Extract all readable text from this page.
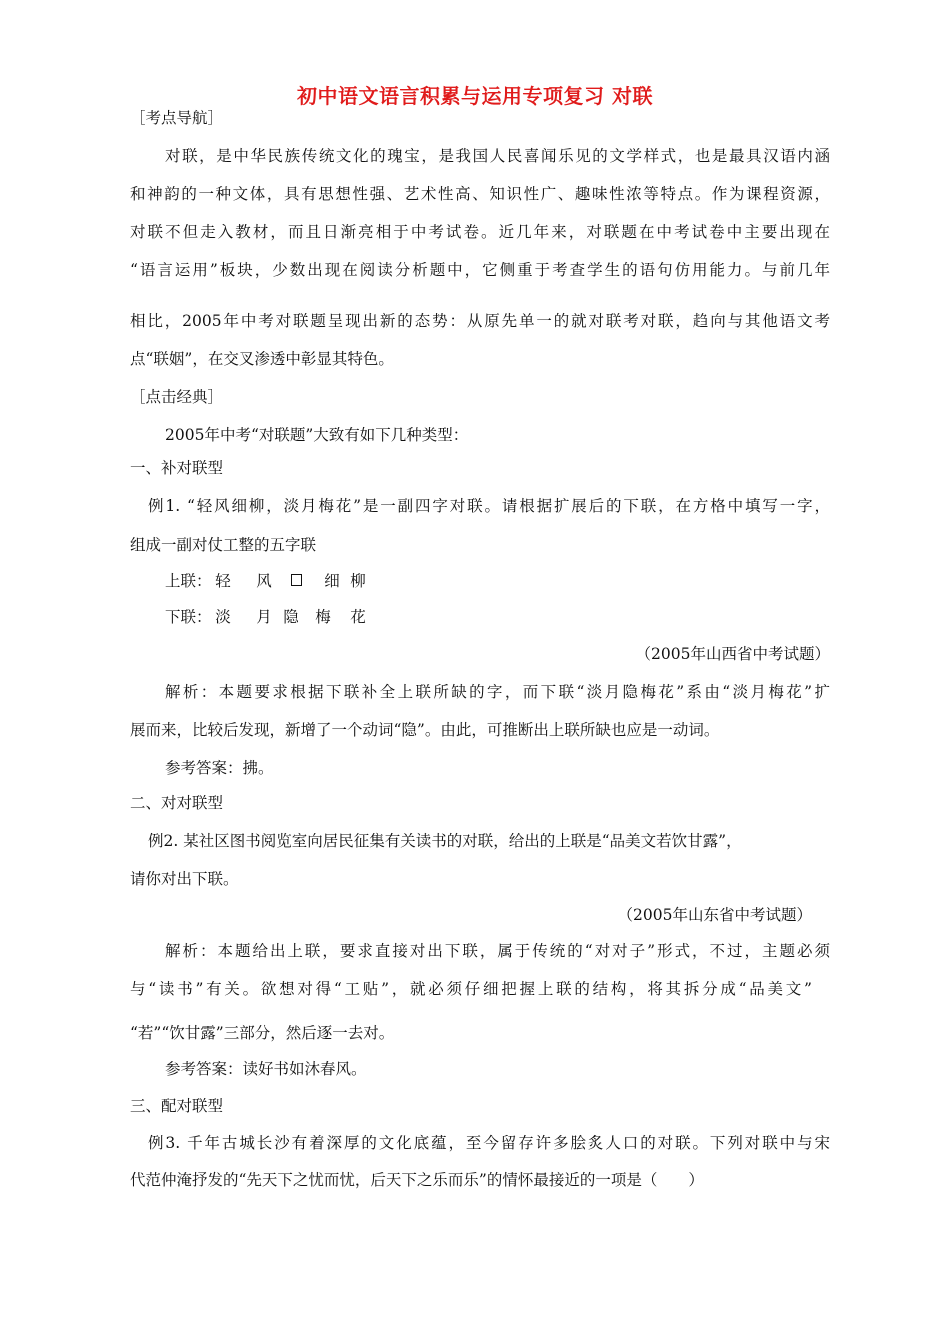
初中语文语言积累与运用专项复习 对联
［考点导航］
对联，是中华民族传统文化的瑰宝，是我国人民喜闻乐见的文学样式，也是最具汉语内涵
和神韵的一种文体，具有思想性强、艺术性高、知识性广、趣味性浓等特点。作为课程资源，
对联不但走入教材，而且日渐亮相于中考试卷。近几年来，对联题在中考试卷中主要出现在
“语言运用”板块，少数出现在阅读分析题中，它侧重于考查学生的语句仿用能力。与前几年
相比，2005年中考对联题呈现出新的态势：从原先单一的就对联考对联，趋向与其他语文考
点“联姻”，在交叉渗透中彰显其特色。
［点击经典］
2005年中考“对联题”大致有如下几种类型：
一、补对联型
例1. “轻风细柳，淡月梅花”是一副四字对联。请根据扩展后的下联，在方格中填写一字，
组成一副对仗工整的五字联
上联： 轻 风	细 柳
下联： 淡 月 隐 梅 花
（2005年山西省中考试题）
解析：本题要求根据下联补全上联所缺的字，而下联“淡月隐梅花”系由“淡月梅花”扩
展而来，比较后发现，新增了一个动词“隐”。由此，可推断出上联所缺也应是一动词。
参考答案：拂。
二、对对联型
例2. 某社区图书阅览室向居民征集有关读书的对联，给出的上联是“品美文若饮甘露”，
请你对出下联。
（2005年山东省中考试题）
解析：本题给出上联，要求直接对出下联，属于传统的“对对子”形式，不过，主题必须
与“读书”有关。欲想对得“工贴”，就必须仔细把握上联的结构，将其拆分成“品美文”
“若”“饮甘露”三部分，然后逐一去对。
参考答案：读好书如沐春风。
三、配对联型
例3. 千年古城长沙有着深厚的文化底蕴，至今留存许多脍炙人口的对联。下列对联中与宋
代范仲淹抒发的“先天下之忧而忧，后天下之乐而乐”的情怀最接近的一项是（　　）
